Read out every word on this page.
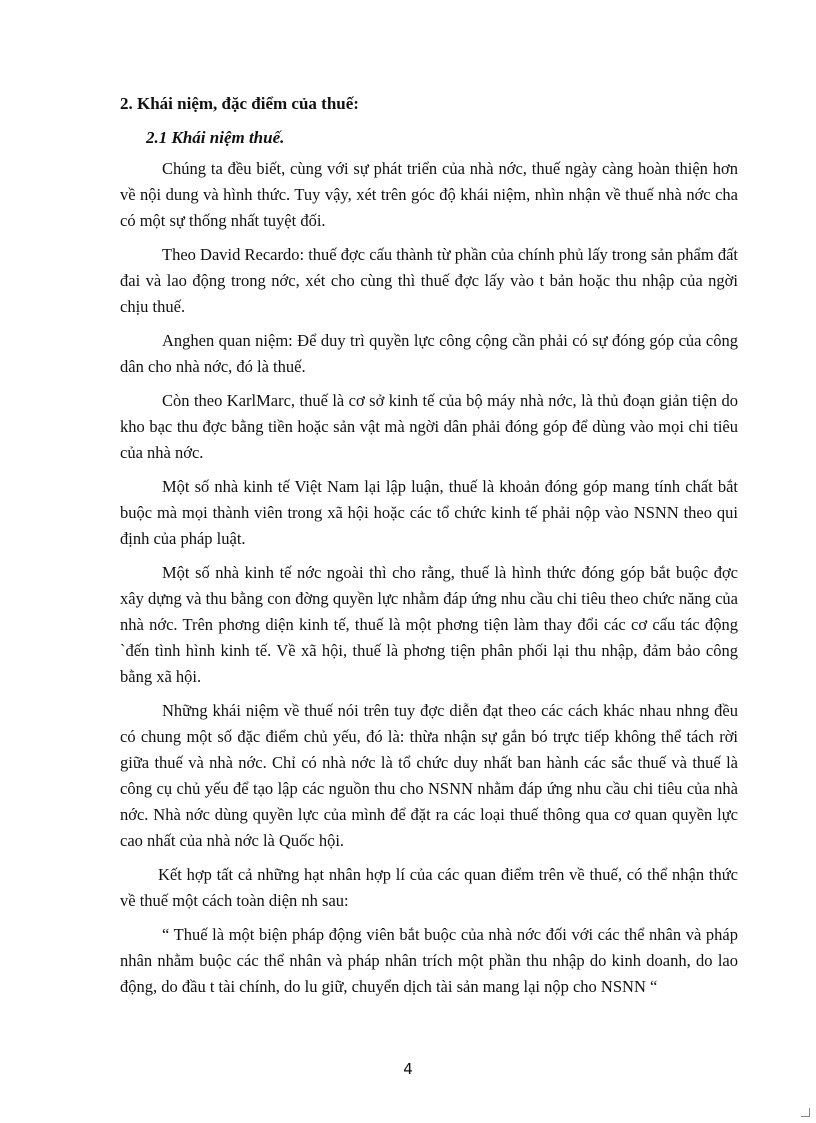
2. Khái niệm, đặc điểm của thuế:
2.1 Khái niệm thuế.

Chúng ta đều biết, cùng với sự phát triển của nhà nớc, thuế ngày càng hoàn thiện hơn về nội dung và hình thức. Tuy vậy, xét trên góc độ khái niệm, nhìn nhận về thuế nhà nớc cha có một sự thống nhất tuyệt đối.

Theo David Recardo: thuế đợc cấu thành từ phần của chính phủ lấy trong sản phẩm đất đai và lao động trong nớc, xét cho cùng thì thuế đợc lấy vào t bản hoặc thu nhập của ngời chịu thuế.

Anghen quan niệm: Để duy trì quyền lực công cộng cần phải có sự đóng góp của công dân cho nhà nớc, đó là thuế.

Còn theo KarlMarc, thuế là cơ sở kinh tế của bộ máy nhà nớc, là thủ đoạn giản tiện do kho bạc thu đợc bằng tiền hoặc sản vật mà ngời dân phải đóng góp để dùng vào mọi chi tiêu của nhà nớc.

Một số nhà kinh tế Việt Nam lại lập luận, thuế là khoản đóng góp mang tính chất bắt buộc mà mọi thành viên trong xã hội hoặc các tổ chức kinh tế phải nộp vào NSNN theo qui định của pháp luật.

Một số nhà kinh tế nớc ngoài thì cho rằng, thuế là hình thức đóng góp bắt buộc đợc xây dựng và thu bằng con đờng quyền lực nhằm đáp ứng nhu cầu chi tiêu theo chức năng của nhà nớc. Trên phơng diện kinh tế, thuế là một phơng tiện làm thay đổi các cơ cấu tác động `đến tình hình kinh tế. Về xã hội, thuế là phơng tiện phân phối lại thu nhập, đảm bảo công bằng xã hội.

Những khái niệm về thuế nói trên tuy đợc diễn đạt theo các cách khác nhau nhng đều có chung một số đặc điểm chủ yếu, đó là: thừa nhận sự gắn bó trực tiếp không thể tách rời giữa thuế và nhà nớc. Chỉ có nhà nớc là tổ chức duy nhất ban hành các sắc thuế và thuế là công cụ chủ yếu để tạo lập các nguồn thu cho NSNN nhằm đáp ứng nhu cầu chi tiêu của nhà nớc. Nhà nớc dùng quyền lực của mình để đặt ra các loại thuế thông qua cơ quan quyền lực cao nhất của nhà nớc là Quốc hội.

Kết hợp tất cả những hạt nhân hợp lí của các quan điểm trên về thuế, có thể nhận thức về thuế một cách toàn diện nh sau:

“ Thuế là một biện pháp động viên bắt buộc của nhà nớc đối với các thể nhân và pháp nhân nhằm buộc các thể nhân và pháp nhân trích một phần thu nhập do kinh doanh, do lao động, do đầu t tài chính, do lu giữ, chuyển dịch tài sản mang lại nộp cho NSNN “

4
